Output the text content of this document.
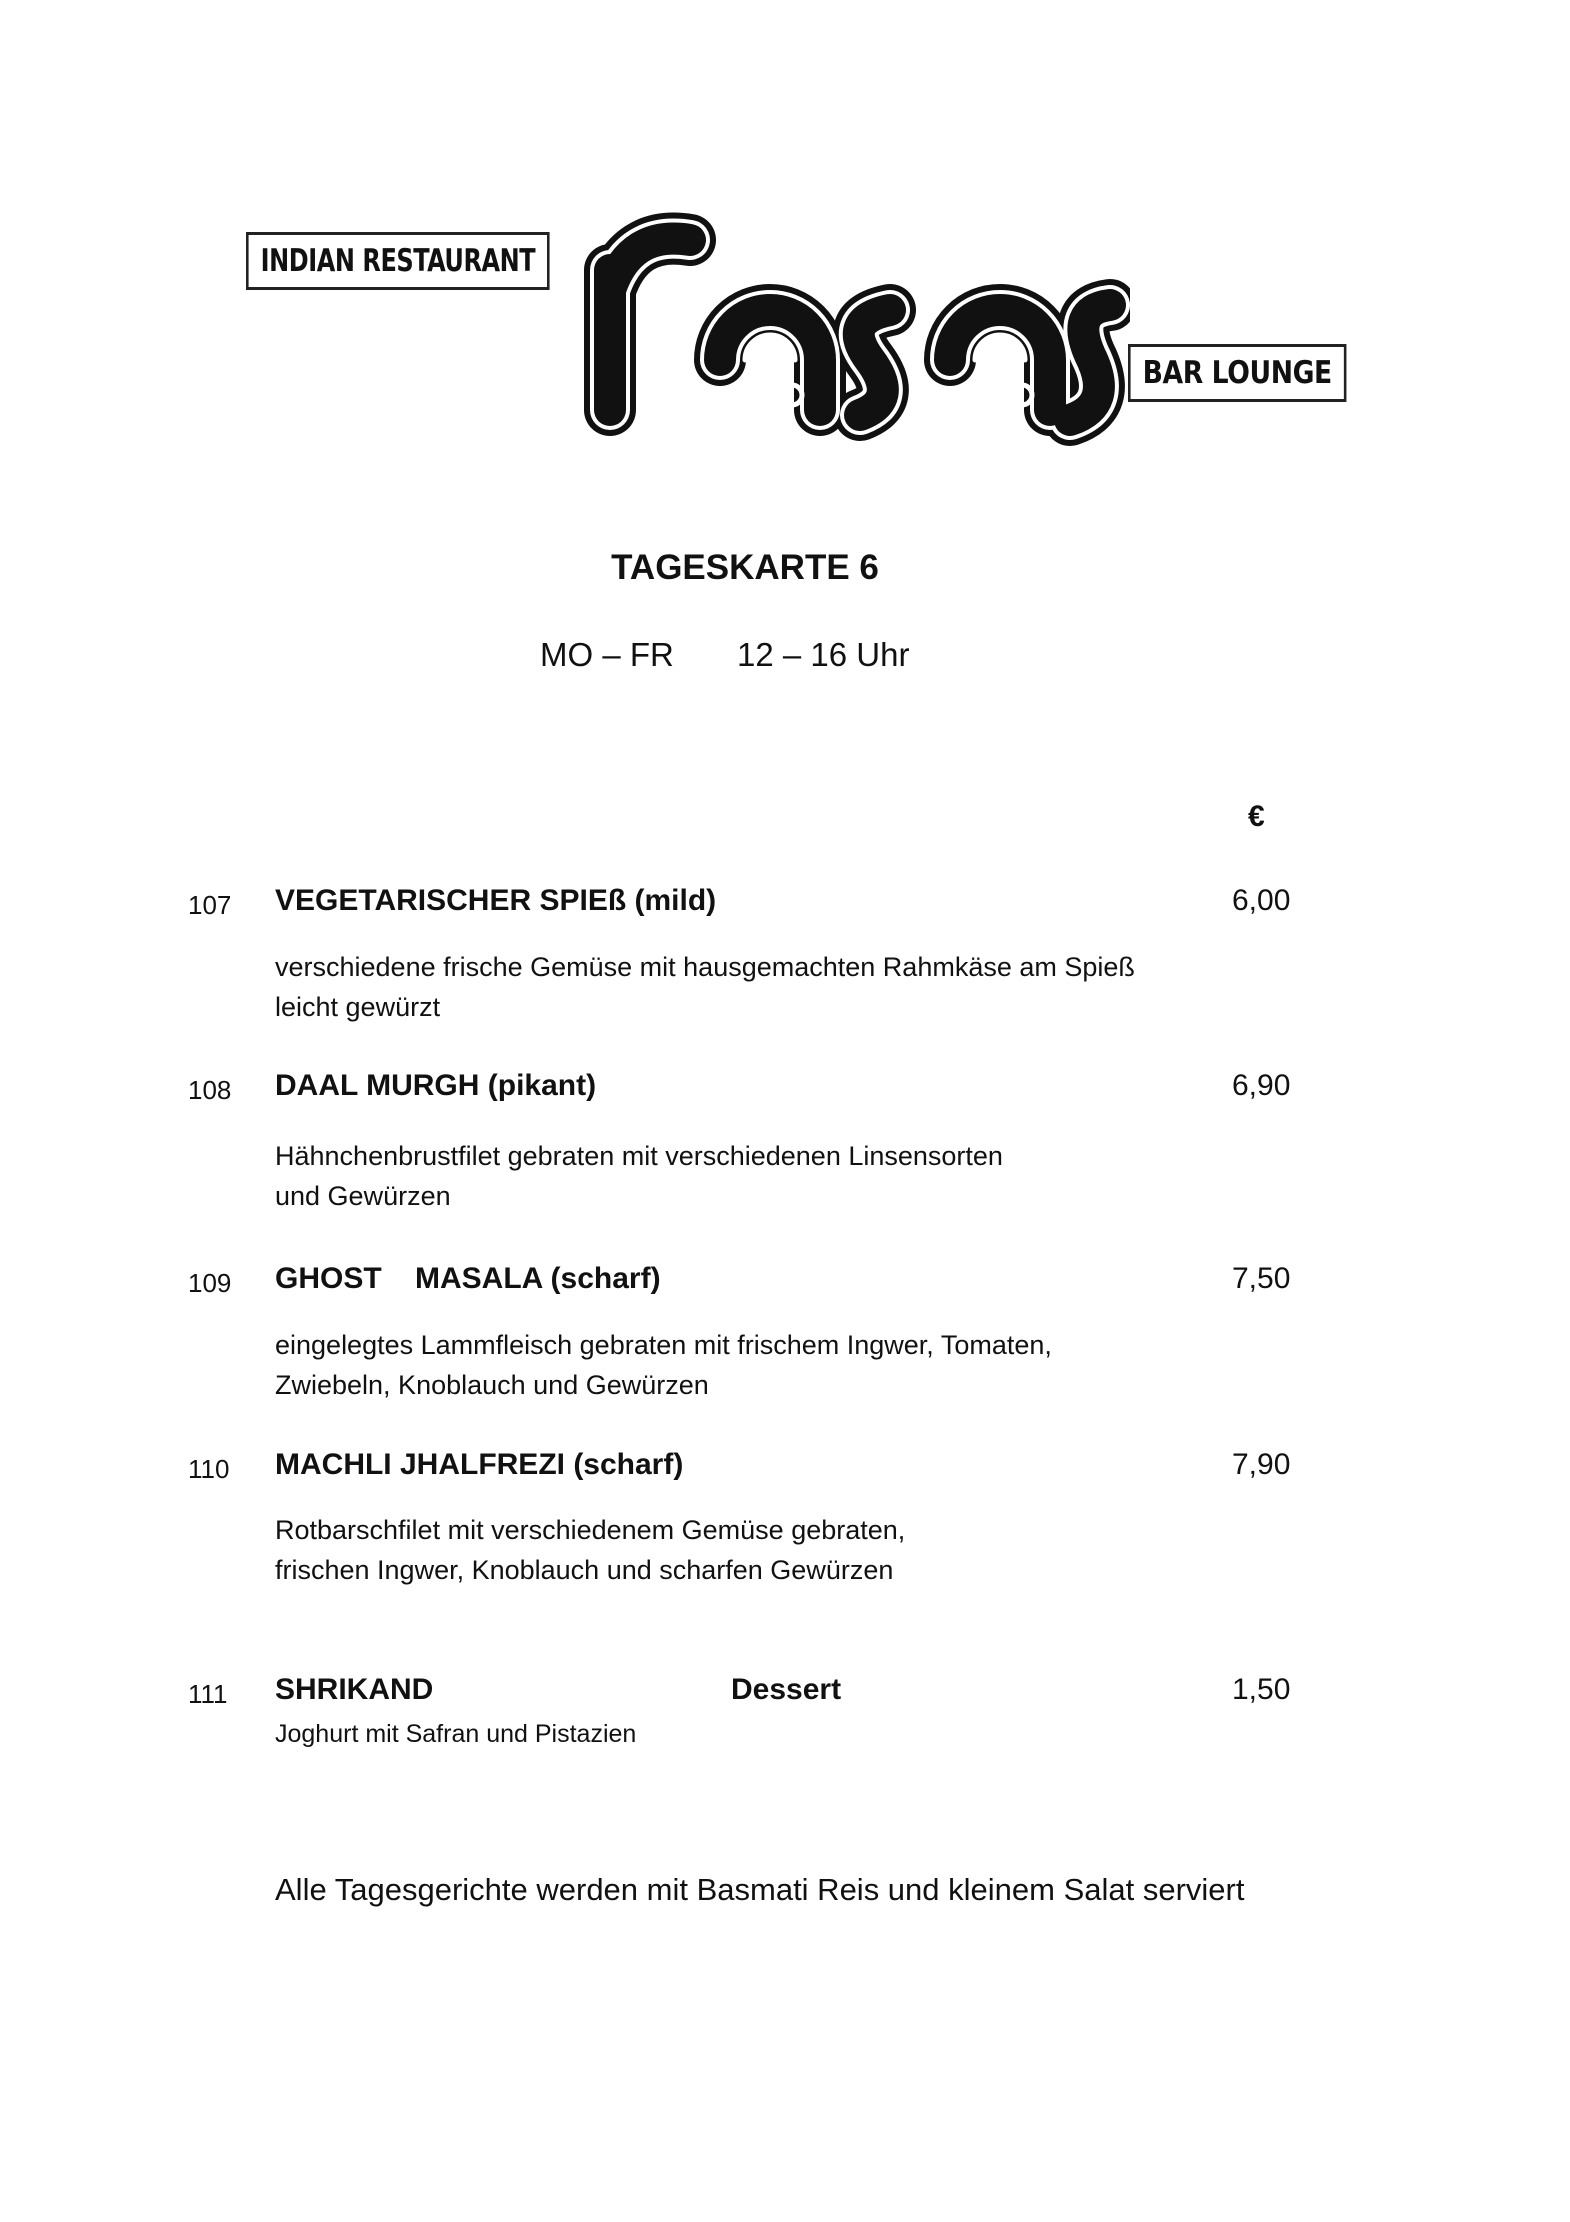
INDIAN RESTAURANT
BAR LOUNGE
TAGESKARTE 6
MO – FR 12 – 16 Uhr
€
107 VEGETARISCHER SPIEß (mild)	6,00
verschiedene frische Gemüse mit hausgemachten Rahmkäse am Spieß
leicht gewürzt
108 DAAL MURGH (pikant)	6,90
Hähnchenbrustfilet gebraten mit verschiedenen Linsensorten
und Gewürzen
109 GHOST    MASALA (scharf)	7,50
eingelegtes Lammfleisch gebraten mit frischem Ingwer, Tomaten,
Zwiebeln, Knoblauch und Gewürzen
110 MACHLI JHALFREZI (scharf)	7,90
Rotbarschfilet mit verschiedenem Gemüse gebraten,
frischen Ingwer, Knoblauch und scharfen Gewürzen
111 SHRIKAND	Dessert	1,50
Joghurt mit Safran und Pistazien
Alle Tagesgerichte werden mit Basmati Reis und kleinem Salat serviert
